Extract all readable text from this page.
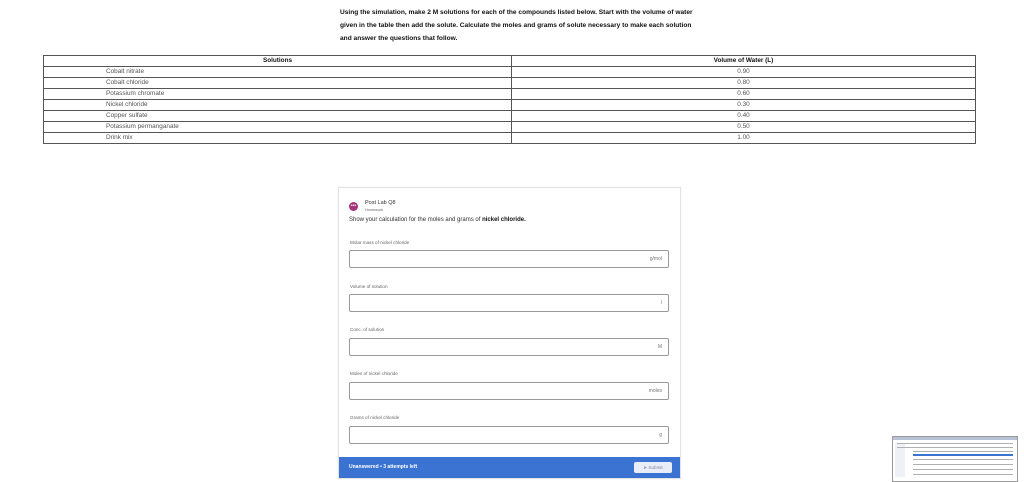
Using the simulation, make 2 M solutions for each of the compounds listed below. Start with the volume of water given in the table then add the solute. Calculate the moles and grams of solute necessary to make each solution and answer the questions that follow.
Solutions	Volume of Water (L)
Cobalt nitrate	0.90
Cobalt chloride	0.80
Potassium chromate	0.60
Nickel chloride	0.30
Copper sulfate	0.40
Potassium permanganate	0.50
Drink mix	1.00
•••	Post Lab Q8
Homework
Show your calculation for the moles and grams of nickel chloride.
Molar mass of nickel chloride
g/mol
Volume of solution
l
Conc. of solution
M
Moles of nickel chloride
moles
Grams of nickel chloride
g
Unanswered • 3 attempts left	➤ Submit
